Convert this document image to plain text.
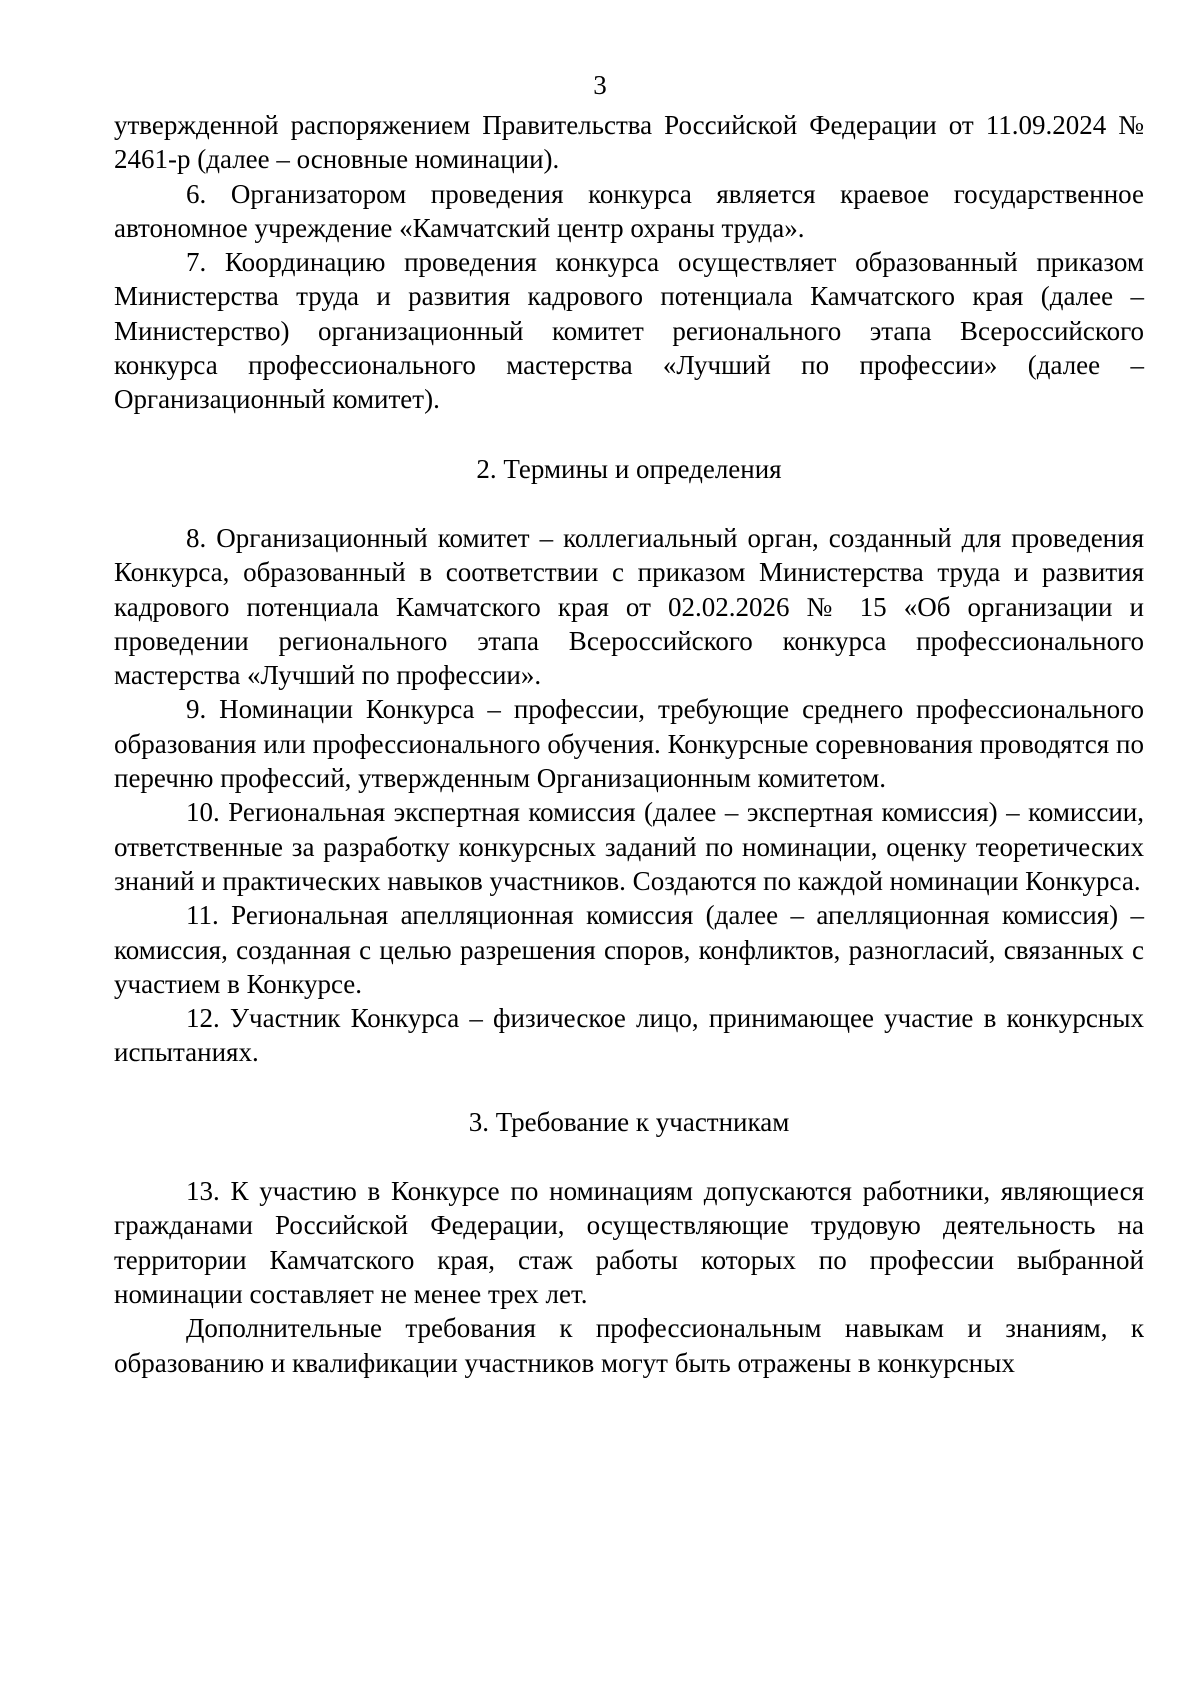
3

утвержденной распоряжением Правительства Российской Федерации от 11.09.2024 № 2461-р (далее – основные номинации).

6. Организатором проведения конкурса является краевое государственное автономное учреждение «Камчатский центр охраны труда».

7. Координацию проведения конкурса осуществляет образованный приказом Министерства труда и развития кадрового потенциала Камчатского края (далее – Министерство) организационный комитет регионального этапа Всероссийского конкурса профессионального мастерства «Лучший по профессии» (далее – Организационный комитет).

2. Термины и определения

8. Организационный комитет – коллегиальный орган, созданный для проведения Конкурса, образованный в соответствии с приказом Министерства труда и развития кадрового потенциала Камчатского края от 02.02.2026 № 15 «Об организации и проведении регионального этапа Всероссийского конкурса профессионального мастерства «Лучший по профессии».

9. Номинации Конкурса – профессии, требующие среднего профессионального образования или профессионального обучения. Конкурсные соревнования проводятся по перечню профессий, утвержденным Организационным комитетом.

10. Региональная экспертная комиссия (далее – экспертная комиссия) – комиссии, ответственные за разработку конкурсных заданий по номинации, оценку теоретических знаний и практических навыков участников. Создаются по каждой номинации Конкурса.

11. Региональная апелляционная комиссия (далее – апелляционная комиссия) – комиссия, созданная с целью разрешения споров, конфликтов, разногласий, связанных с участием в Конкурсе.

12. Участник Конкурса – физическое лицо, принимающее участие в конкурсных испытаниях.

3. Требование к участникам

13. К участию в Конкурсе по номинациям допускаются работники, являющиеся гражданами Российской Федерации, осуществляющие трудовую деятельность на территории Камчатского края, стаж работы которых по профессии выбранной номинации составляет не менее трех лет.

Дополнительные требования к профессиональным навыкам и знаниям, к образованию и квалификации участников могут быть отражены в конкурсных
